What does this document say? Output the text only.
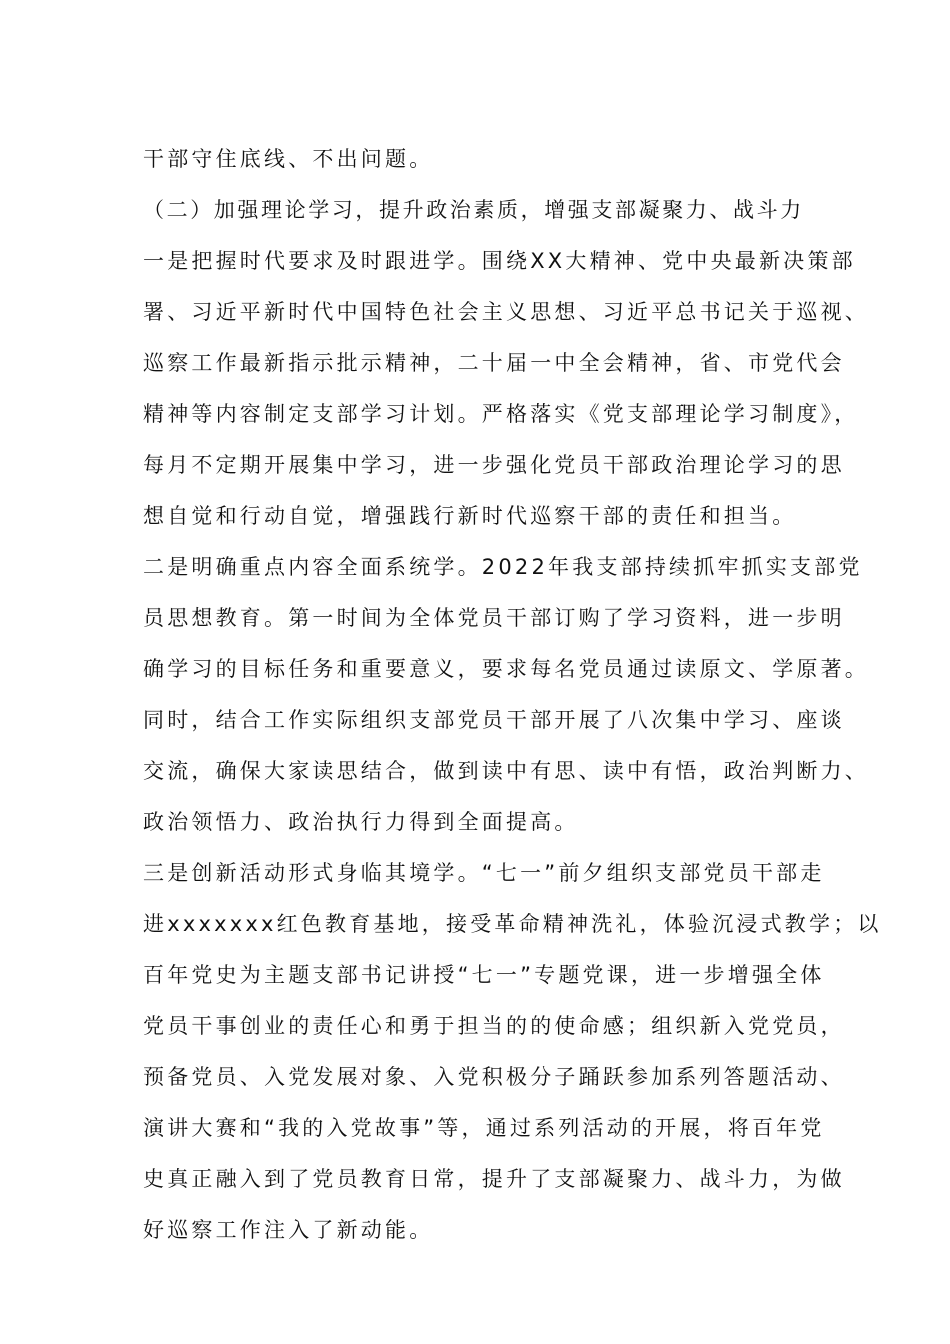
干部守住底线、不出问题。
（二）加强理论学习，提升政治素质，增强支部凝聚力、战斗力
一是把握时代要求及时跟进学。围绕XX大精神、党中央最新决策部
署、习近平新时代中国特色社会主义思想、习近平总书记关于巡视、
巡察工作最新指示批示精神，二十届一中全会精神，省、市党代会
精神等内容制定支部学习计划。严格落实《党支部理论学习制度》，
每月不定期开展集中学习，进一步强化党员干部政治理论学习的思
想自觉和行动自觉，增强践行新时代巡察干部的责任和担当。
二是明确重点内容全面系统学。2022年我支部持续抓牢抓实支部党
员思想教育。第一时间为全体党员干部订购了学习资料，进一步明
确学习的目标任务和重要意义，要求每名党员通过读原文、学原著。
同时，结合工作实际组织支部党员干部开展了八次集中学习、座谈
交流，确保大家读思结合，做到读中有思、读中有悟，政治判断力、
政治领悟力、政治执行力得到全面提高。
三是创新活动形式身临其境学。“七一”前夕组织支部党员干部走
进xxxxxxx红色教育基地，接受革命精神洗礼，体验沉浸式教学；以
百年党史为主题支部书记讲授“七一”专题党课，进一步增强全体
党员干事创业的责任心和勇于担当的的使命感；组织新入党党员，
预备党员、入党发展对象、入党积极分子踊跃参加系列答题活动、
演讲大赛和“我的入党故事”等，通过系列活动的开展，将百年党
史真正融入到了党员教育日常，提升了支部凝聚力、战斗力，为做
好巡察工作注入了新动能。
